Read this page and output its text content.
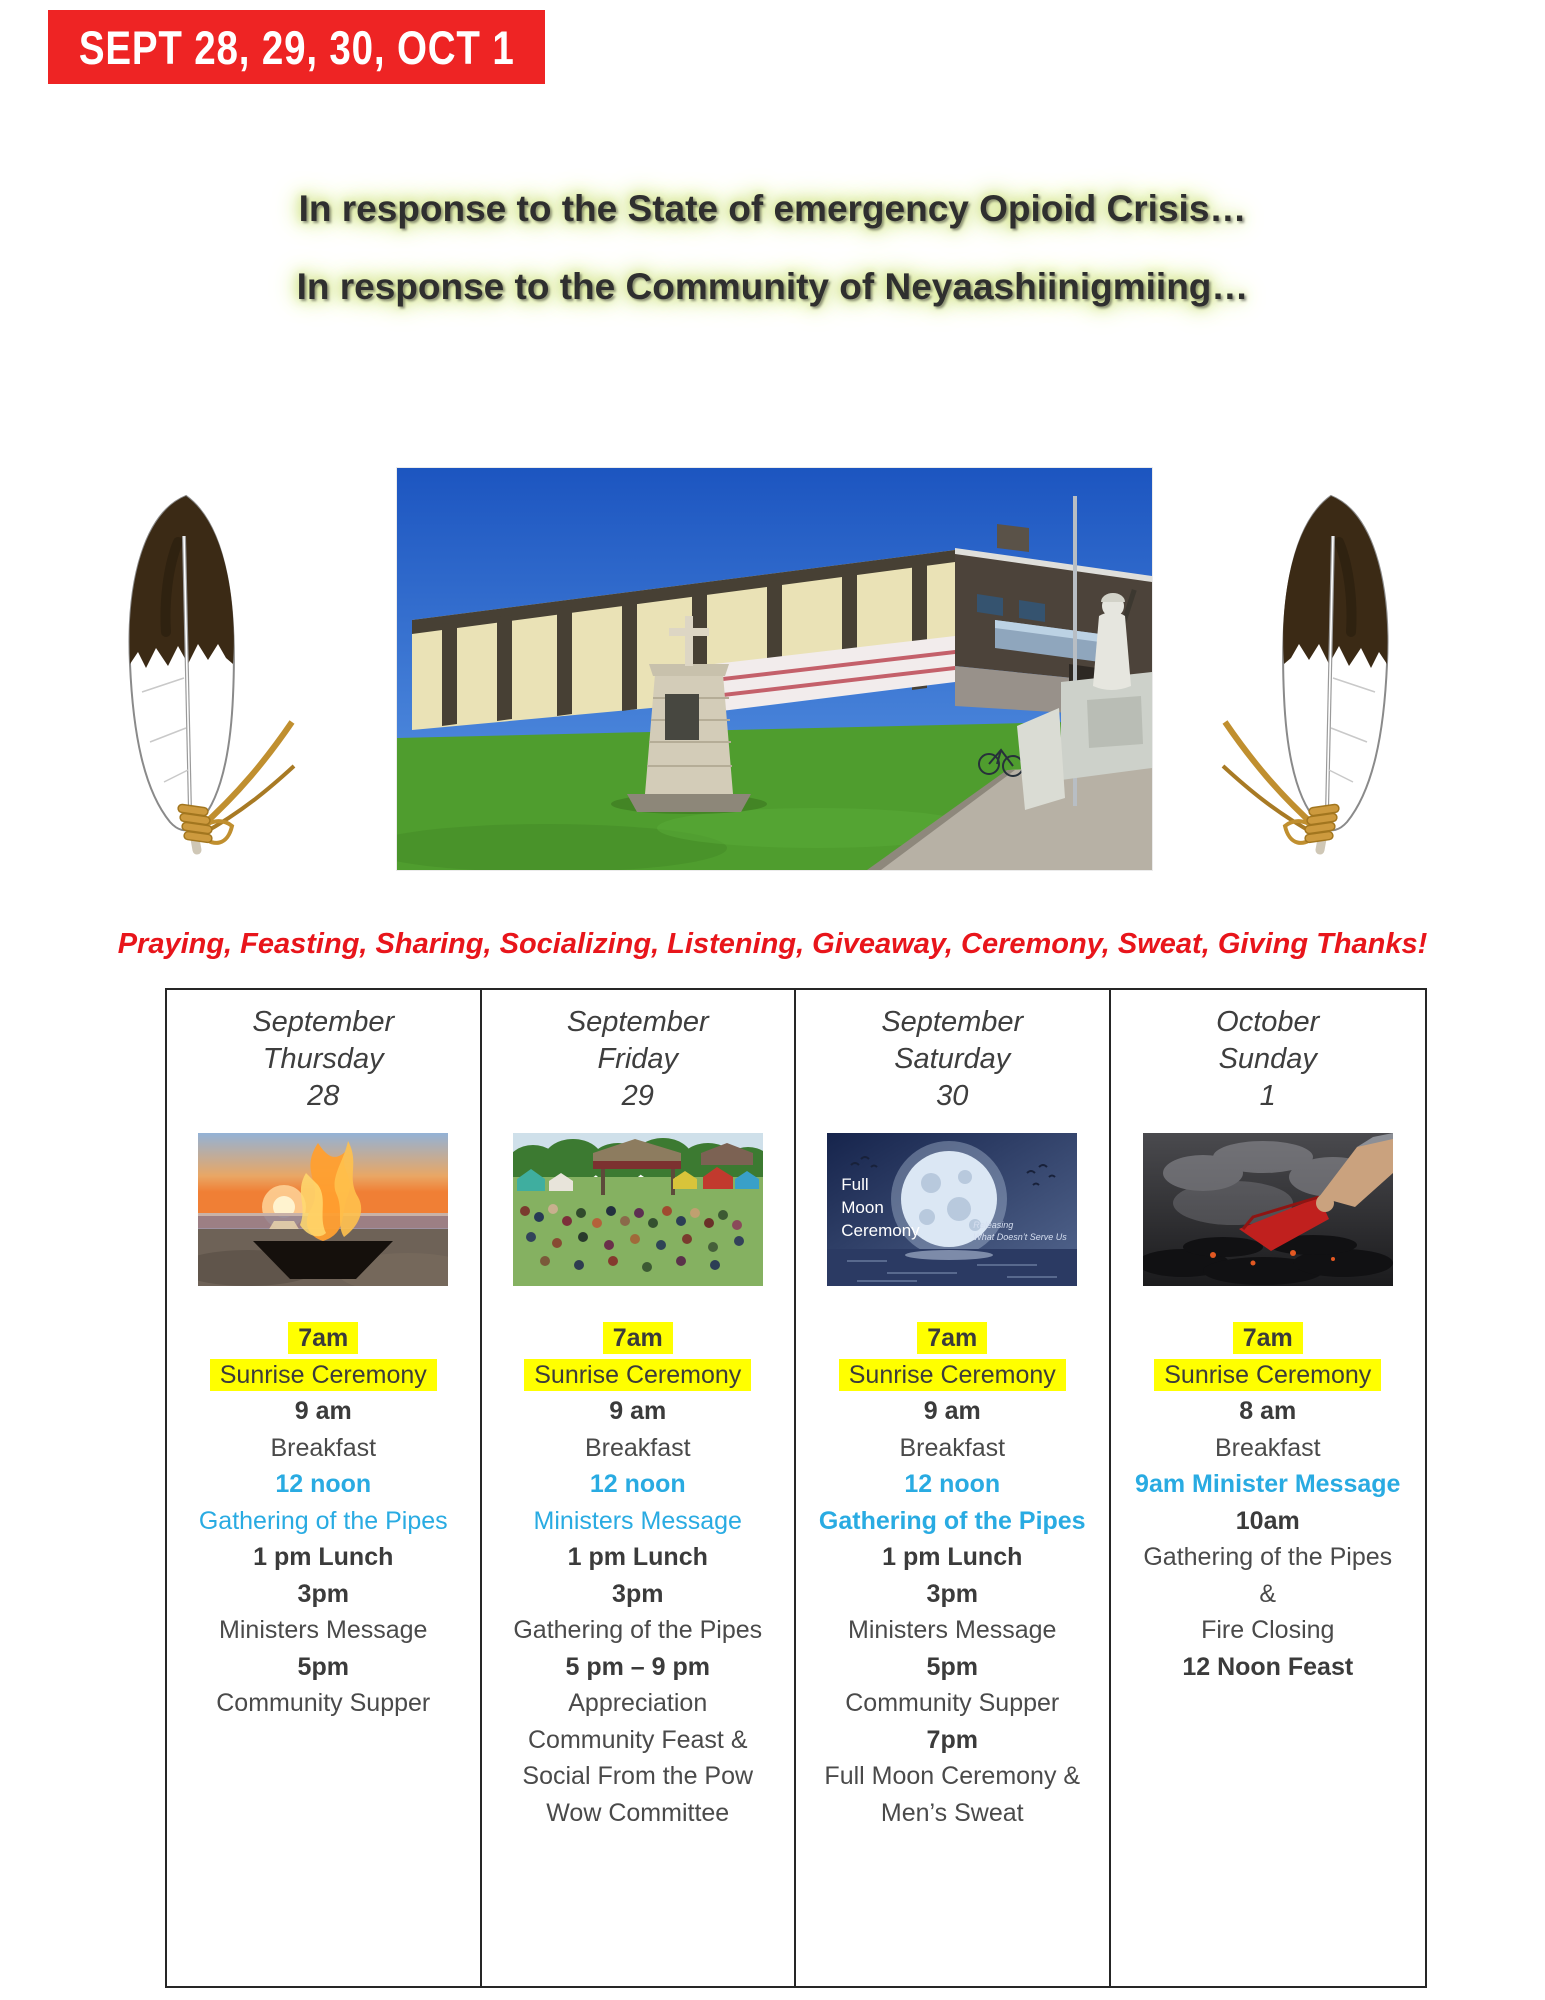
SEPT 28, 29, 30, OCT 1
In response to the State of emergency Opioid Crisis…
In response to the Community of Neyaashiinigmiing…
Praying, Feasting, Sharing, Socializing, Listening, Giveaway, Ceremony, Sweat, Giving Thanks!
September
Thursday
28
7am
Sunrise Ceremony
9 am
Breakfast
12 noon
Gathering of the Pipes
1 pm Lunch
3pm
Ministers Message
5pm
Community Supper
September
Friday
29
7am
Sunrise Ceremony
9 am
Breakfast
12 noon
Ministers Message
1 pm Lunch
3pm
Gathering of the Pipes
5 pm – 9 pm
Appreciation
Community Feast &
Social From the Pow
Wow Committee
September
Saturday
30
Full
Moon
Ceremony	Releasing
What Doesn’t Serve Us
7am
Sunrise Ceremony
9 am
Breakfast
12 noon
Gathering of the Pipes
1 pm Lunch
3pm
Ministers Message
5pm
Community Supper
7pm
Full Moon Ceremony &
Men’s Sweat
October
Sunday
1
7am
Sunrise Ceremony
8 am
Breakfast
9am Minister Message
10am
Gathering of the Pipes
&
Fire Closing
12 Noon Feast
